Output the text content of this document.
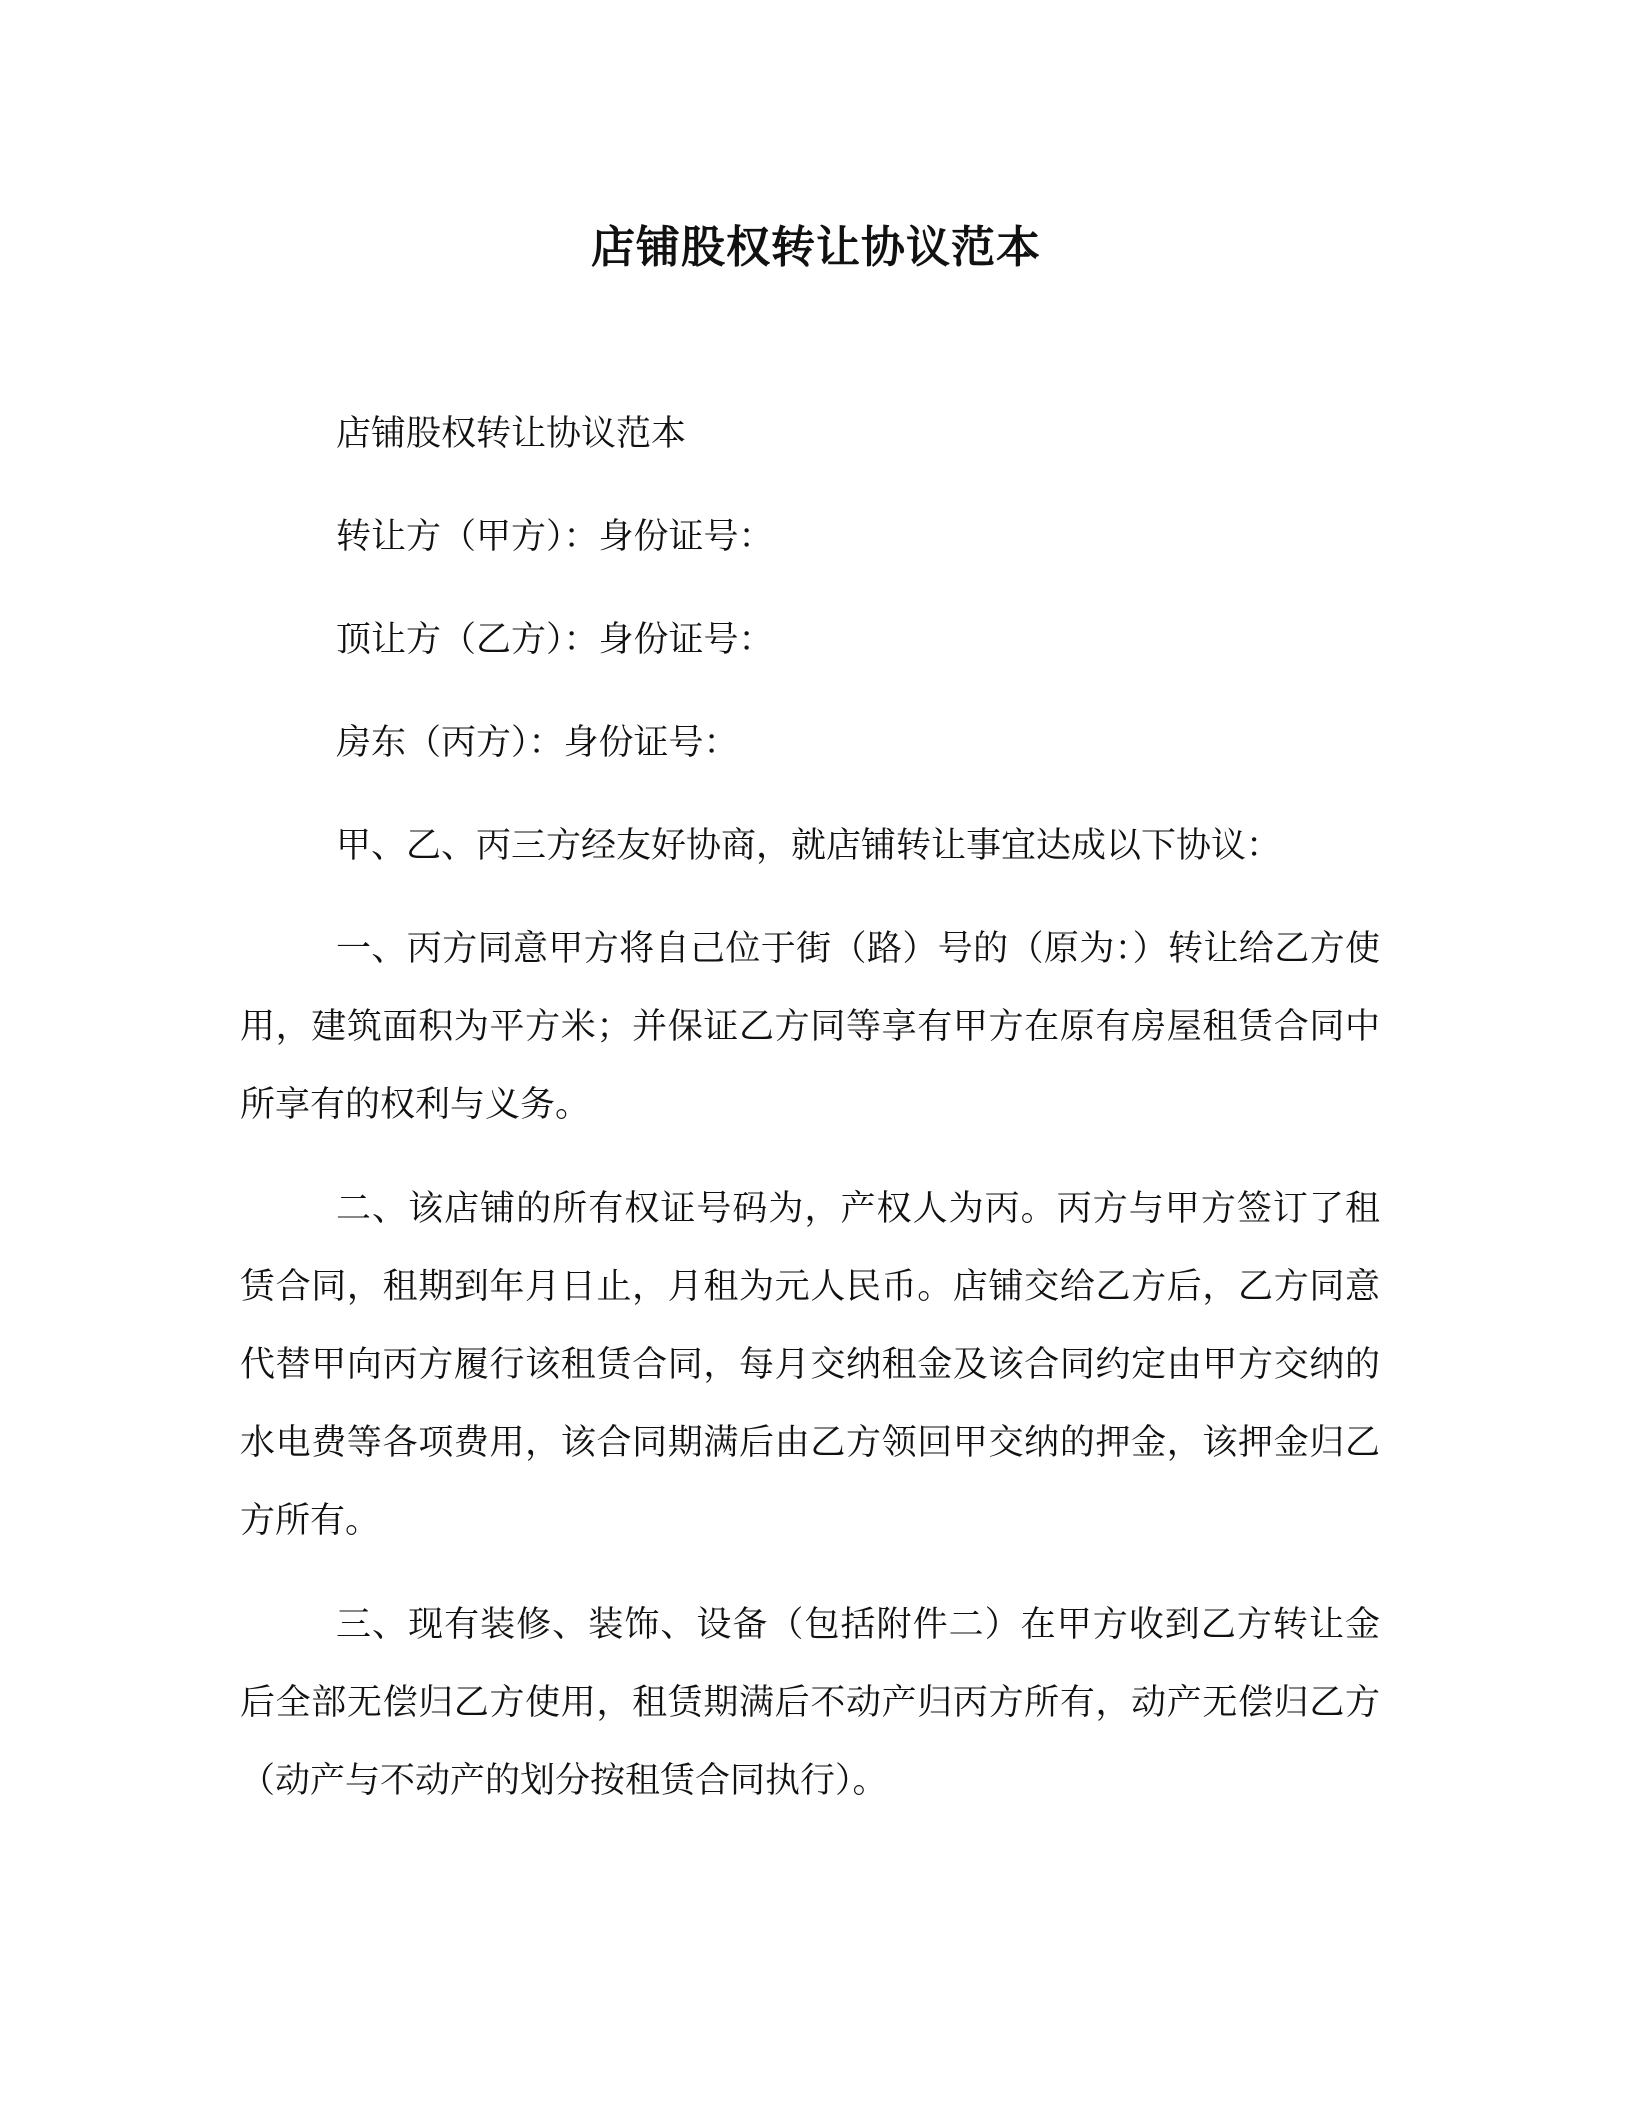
店铺股权转让协议范本

店铺股权转让协议范本

转让方（甲方）：身份证号：

顶让方（乙方）：身份证号：

房东（丙方）：身份证号：

甲、乙、丙三方经友好协商，就店铺转让事宜达成以下协议：

一、丙方同意甲方将自己位于街（路）号的（原为：）转让给乙方使用，建筑面积为平方米；并保证乙方同等享有甲方在原有房屋租赁合同中所享有的权利与义务。

二、该店铺的所有权证号码为，产权人为丙。丙方与甲方签订了租赁合同，租期到年月日止，月租为元人民币。店铺交给乙方后，乙方同意代替甲向丙方履行该租赁合同，每月交纳租金及该合同约定由甲方交纳的水电费等各项费用，该合同期满后由乙方领回甲交纳的押金，该押金归乙方所有。

三、现有装修、装饰、设备（包括附件二）在甲方收到乙方转让金后全部无偿归乙方使用，租赁期满后不动产归丙方所有，动产无偿归乙方（动产与不动产的划分按租赁合同执行）。
